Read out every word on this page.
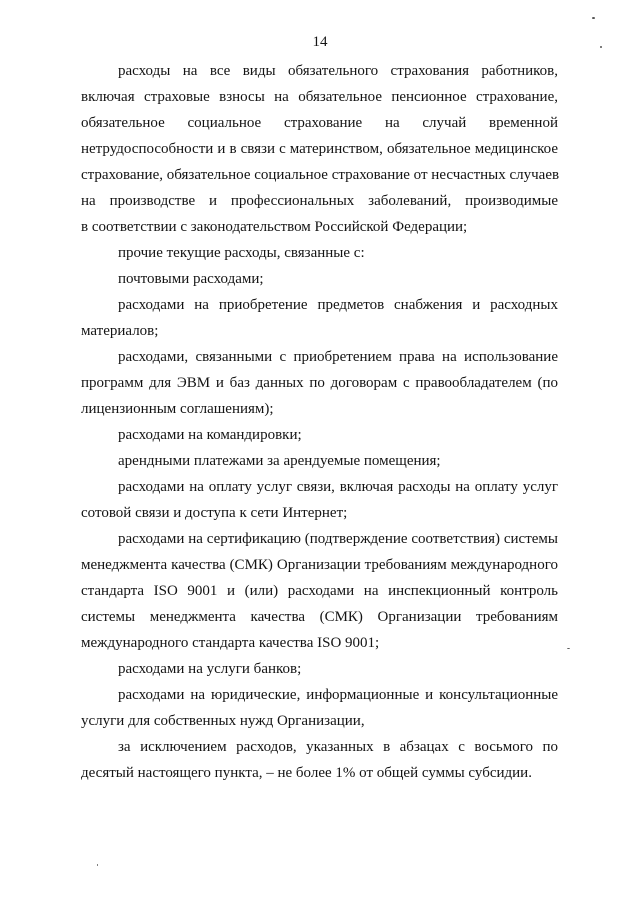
14
расходы на все виды обязательного страхования работников,
включая страховые взносы на обязательное пенсионное страхование,
обязательное социальное страхование на случай временной
нетрудоспособности и в связи с материнством, обязательное медицинское
страхование, обязательное социальное страхование от несчастных случаев
на производстве и профессиональных заболеваний, производимые
в соответствии с законодательством Российской Федерации;
прочие текущие расходы, связанные с:
почтовыми расходами;
расходами на приобретение предметов снабжения и расходных
материалов;
расходами, связанными с приобретением права на использование
программ для ЭВМ и баз данных по договорам с правообладателем (по
лицензионным соглашениям);
расходами на командировки;
арендными платежами за арендуемые помещения;
расходами на оплату услуг связи, включая расходы на оплату услуг
сотовой связи и доступа к сети Интернет;
расходами на сертификацию (подтверждение соответствия) системы
менеджмента качества (СМК) Организации требованиям международного
стандарта ISO 9001 и (или) расходами на инспекционный контроль
системы менеджмента качества (СМК) Организации требованиям
международного стандарта качества ISO 9001;
расходами на услуги банков;
расходами на юридические, информационные и консультационные
услуги для собственных нужд Организации,
за исключением расходов, указанных в абзацах с восьмого по
десятый настоящего пункта, – не более 1% от общей суммы субсидии.
